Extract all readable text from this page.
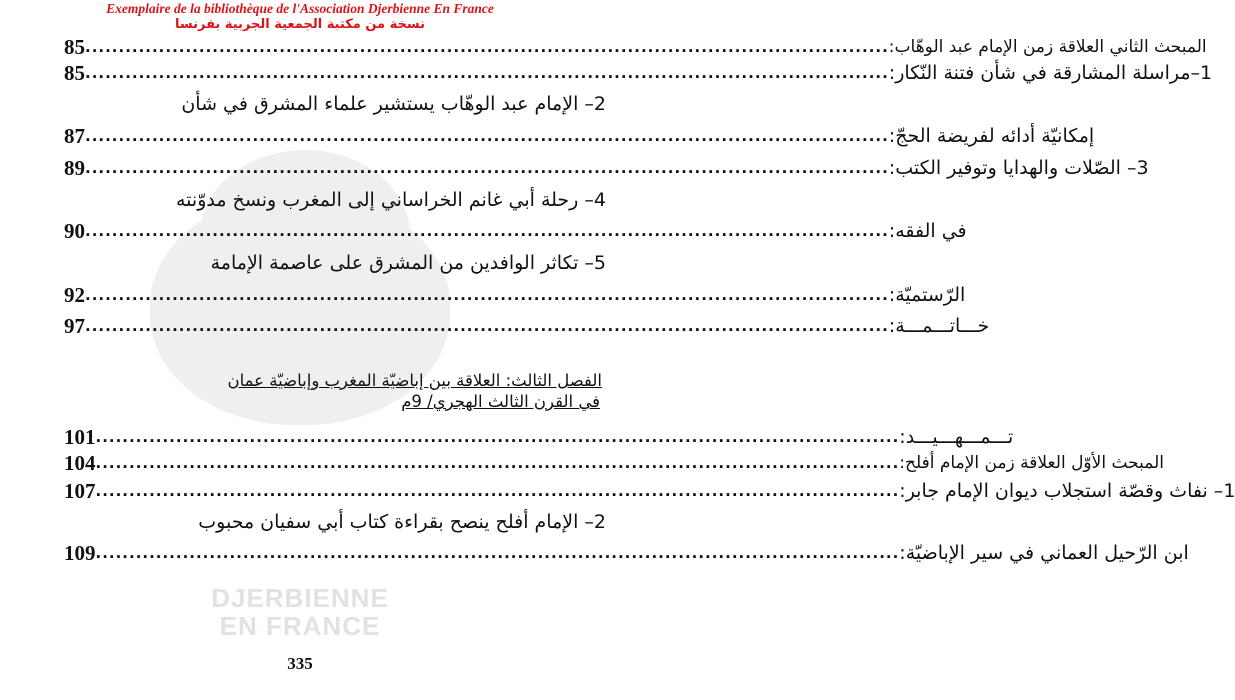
DJERBIENNE
EN FRANCE
Exemplaire de la bibliothèque de l'Association Djerbienne En France
نسخة من مكتبة الجمعية الجربية بفرنسا
85 .....	المبحث الثاني العلاقة زمن الإمام عبد الوهّاب:
85 .....	1–مراسلة المشارقة في شأن فتنة النّكار:
2– الإمام عبد الوهّاب يستشير علماء المشرق في شأن
87 .....	إمكانيّة أدائه لفريضة الحجّ:
89 .....	3– الصّلات والهدايا وتوفير الكتب:
4– رحلة أبي غانم الخراساني إلى المغرب ونسخ مدوّنته
90 .....	في الفقه:
5– تكاثر الوافدين من المشرق على عاصمة الإمامة
92 .....	الرّستميّة:
97 .....	خـــاتـــمـــة:
101 .....	تـــمـــهـــيـــد:
104 .....	المبحث الأوّل العلاقة زمن الإمام أفلح:
107 .....	1– نفاث وقصّة استجلاب ديوان الإمام جابر:
2– الإمام أفلح ينصح بقراءة كتاب أبي سفيان محبوب
109 .....	ابن الرّحيل العماني في سير الإباضيّة:
الفصل الثالث: العلاقة بين إباضيّة المغرب وإباضيّة عمان
في القرن الثالث الهجري/ 9م
335
